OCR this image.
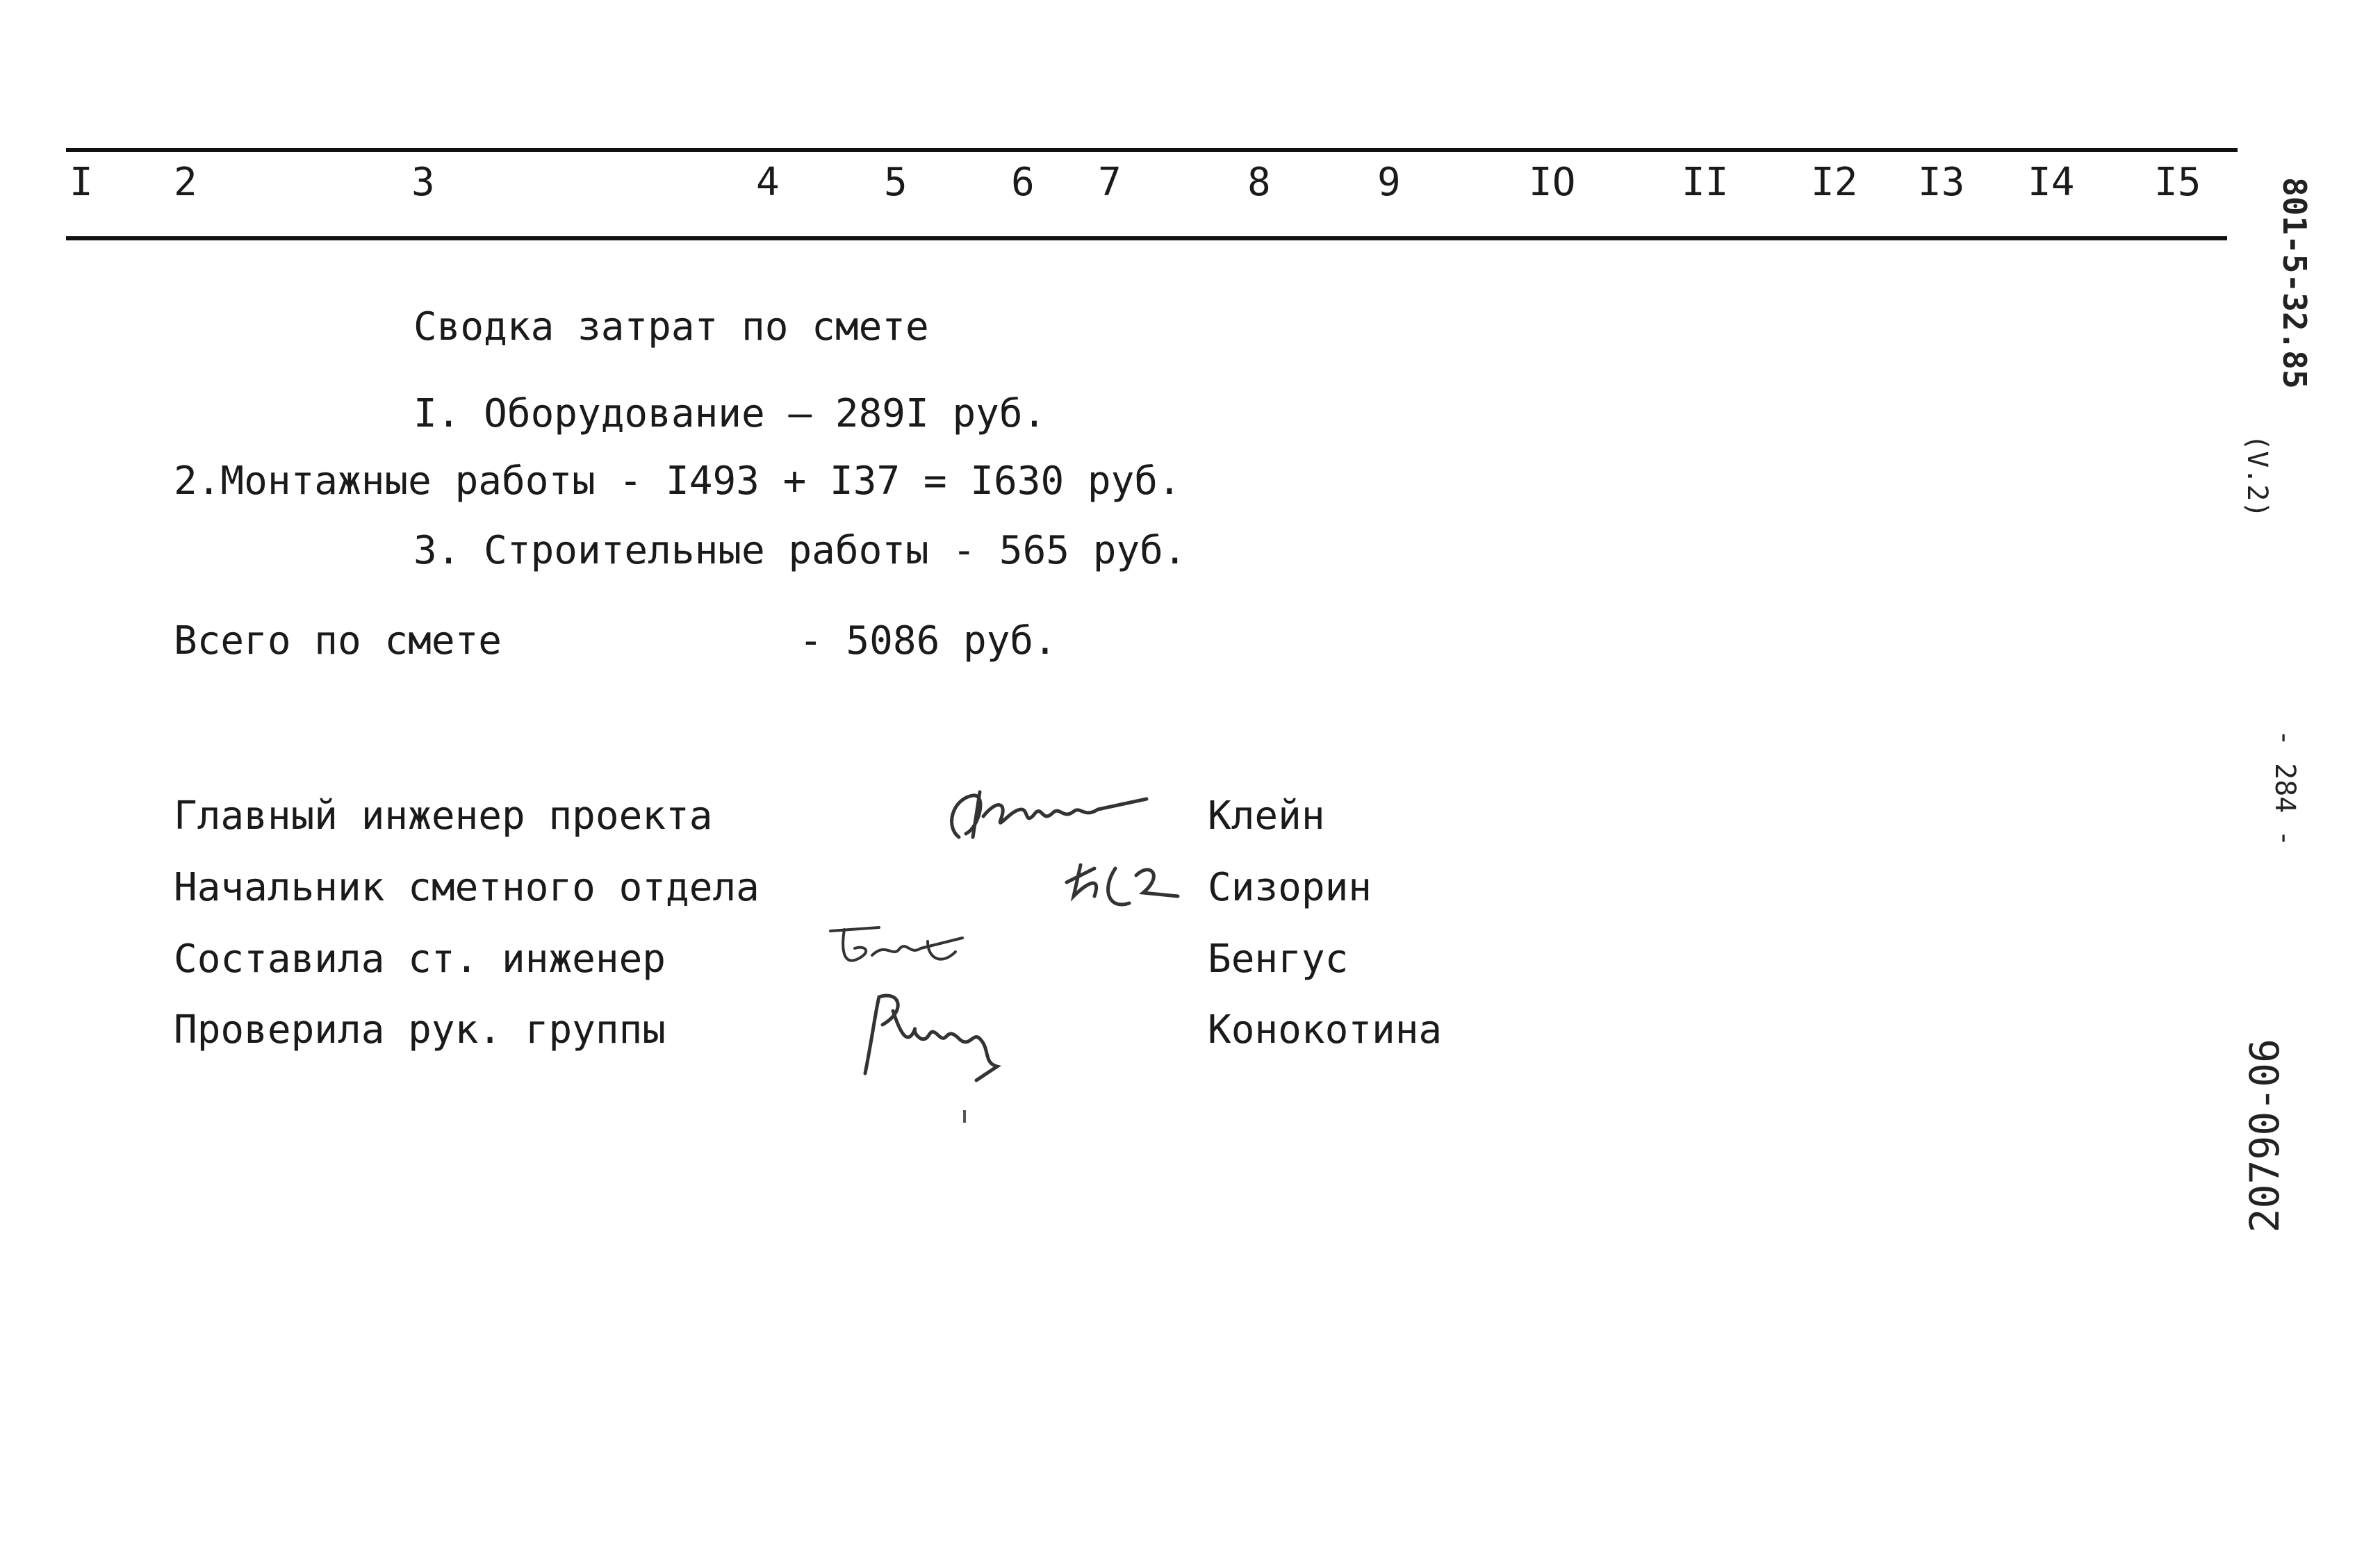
I 2	3	4	5	6 7	8	9	IO	II I2 I3 I4 I5
Сводка затрат по смете
I. Оборудование – 289I руб.
2.Монтажные работы - I493 + I37 = I630 руб.
3. Строительные работы - 565 руб.
Всего по смете	- 5086 руб.
Главный инженер проекта	Клейн
Начальник сметного отдела	Сизорин
Составила ст. инженер	Бенгус
Проверила рук. группы	Конокотина
801-5-32.85
(V.2)
- 284 -
20790-06
